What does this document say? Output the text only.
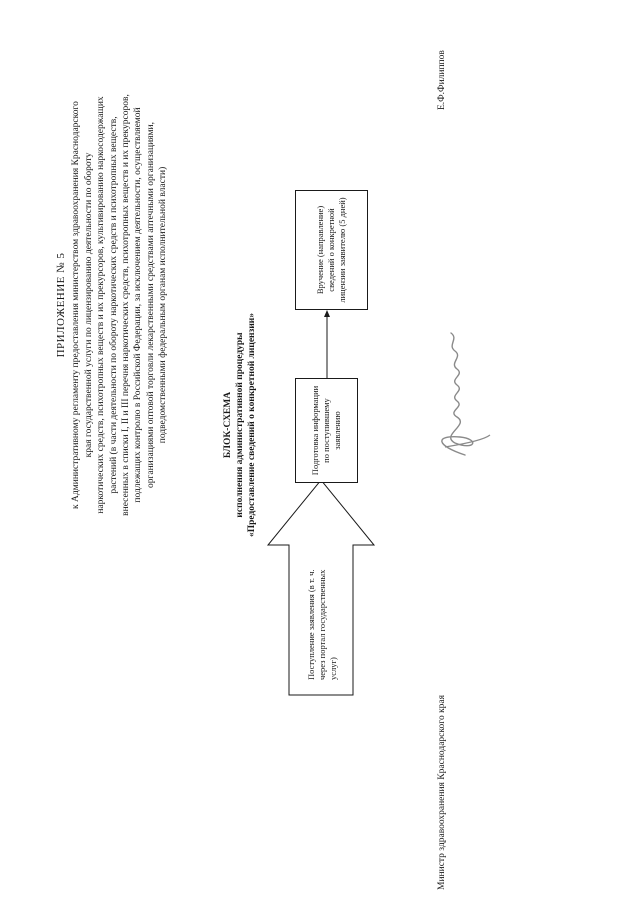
ПРИЛОЖЕНИЕ № 5 к Административному регламенту предоставления министерством здравоохранения Краснодарского края государственной услуги по лицензированию деятельности по обороту наркотических средств, психотропных веществ и их прекурсоров, культивированию наркосодержащих растений (в части деятельности по обороту наркотических средств и психотропных веществ, внесенных в списки I, II и III перечня наркотических средств, психотропных веществ и их прекурсоров, подлежащих контролю в Российской Федерации, за исключением деятельности, осуществляемой организациями оптовой торговли лекарственными средствами аптечными организациями, подведомственными федеральным органам исполнительной власти)

Е.Ф.Филиппов
БЛОК-СХЕМА исполнения административной процедуры «Предоставление сведений о конкретной лицензии»
Поступление заявления (в т. ч. через портал государственных услуг)
Подготовка информации по поступившему заявлению
Вручение (направление) сведений о конкретной лицензии заявителю (5 дней)
Министр здравоохранения Краснодарского края
